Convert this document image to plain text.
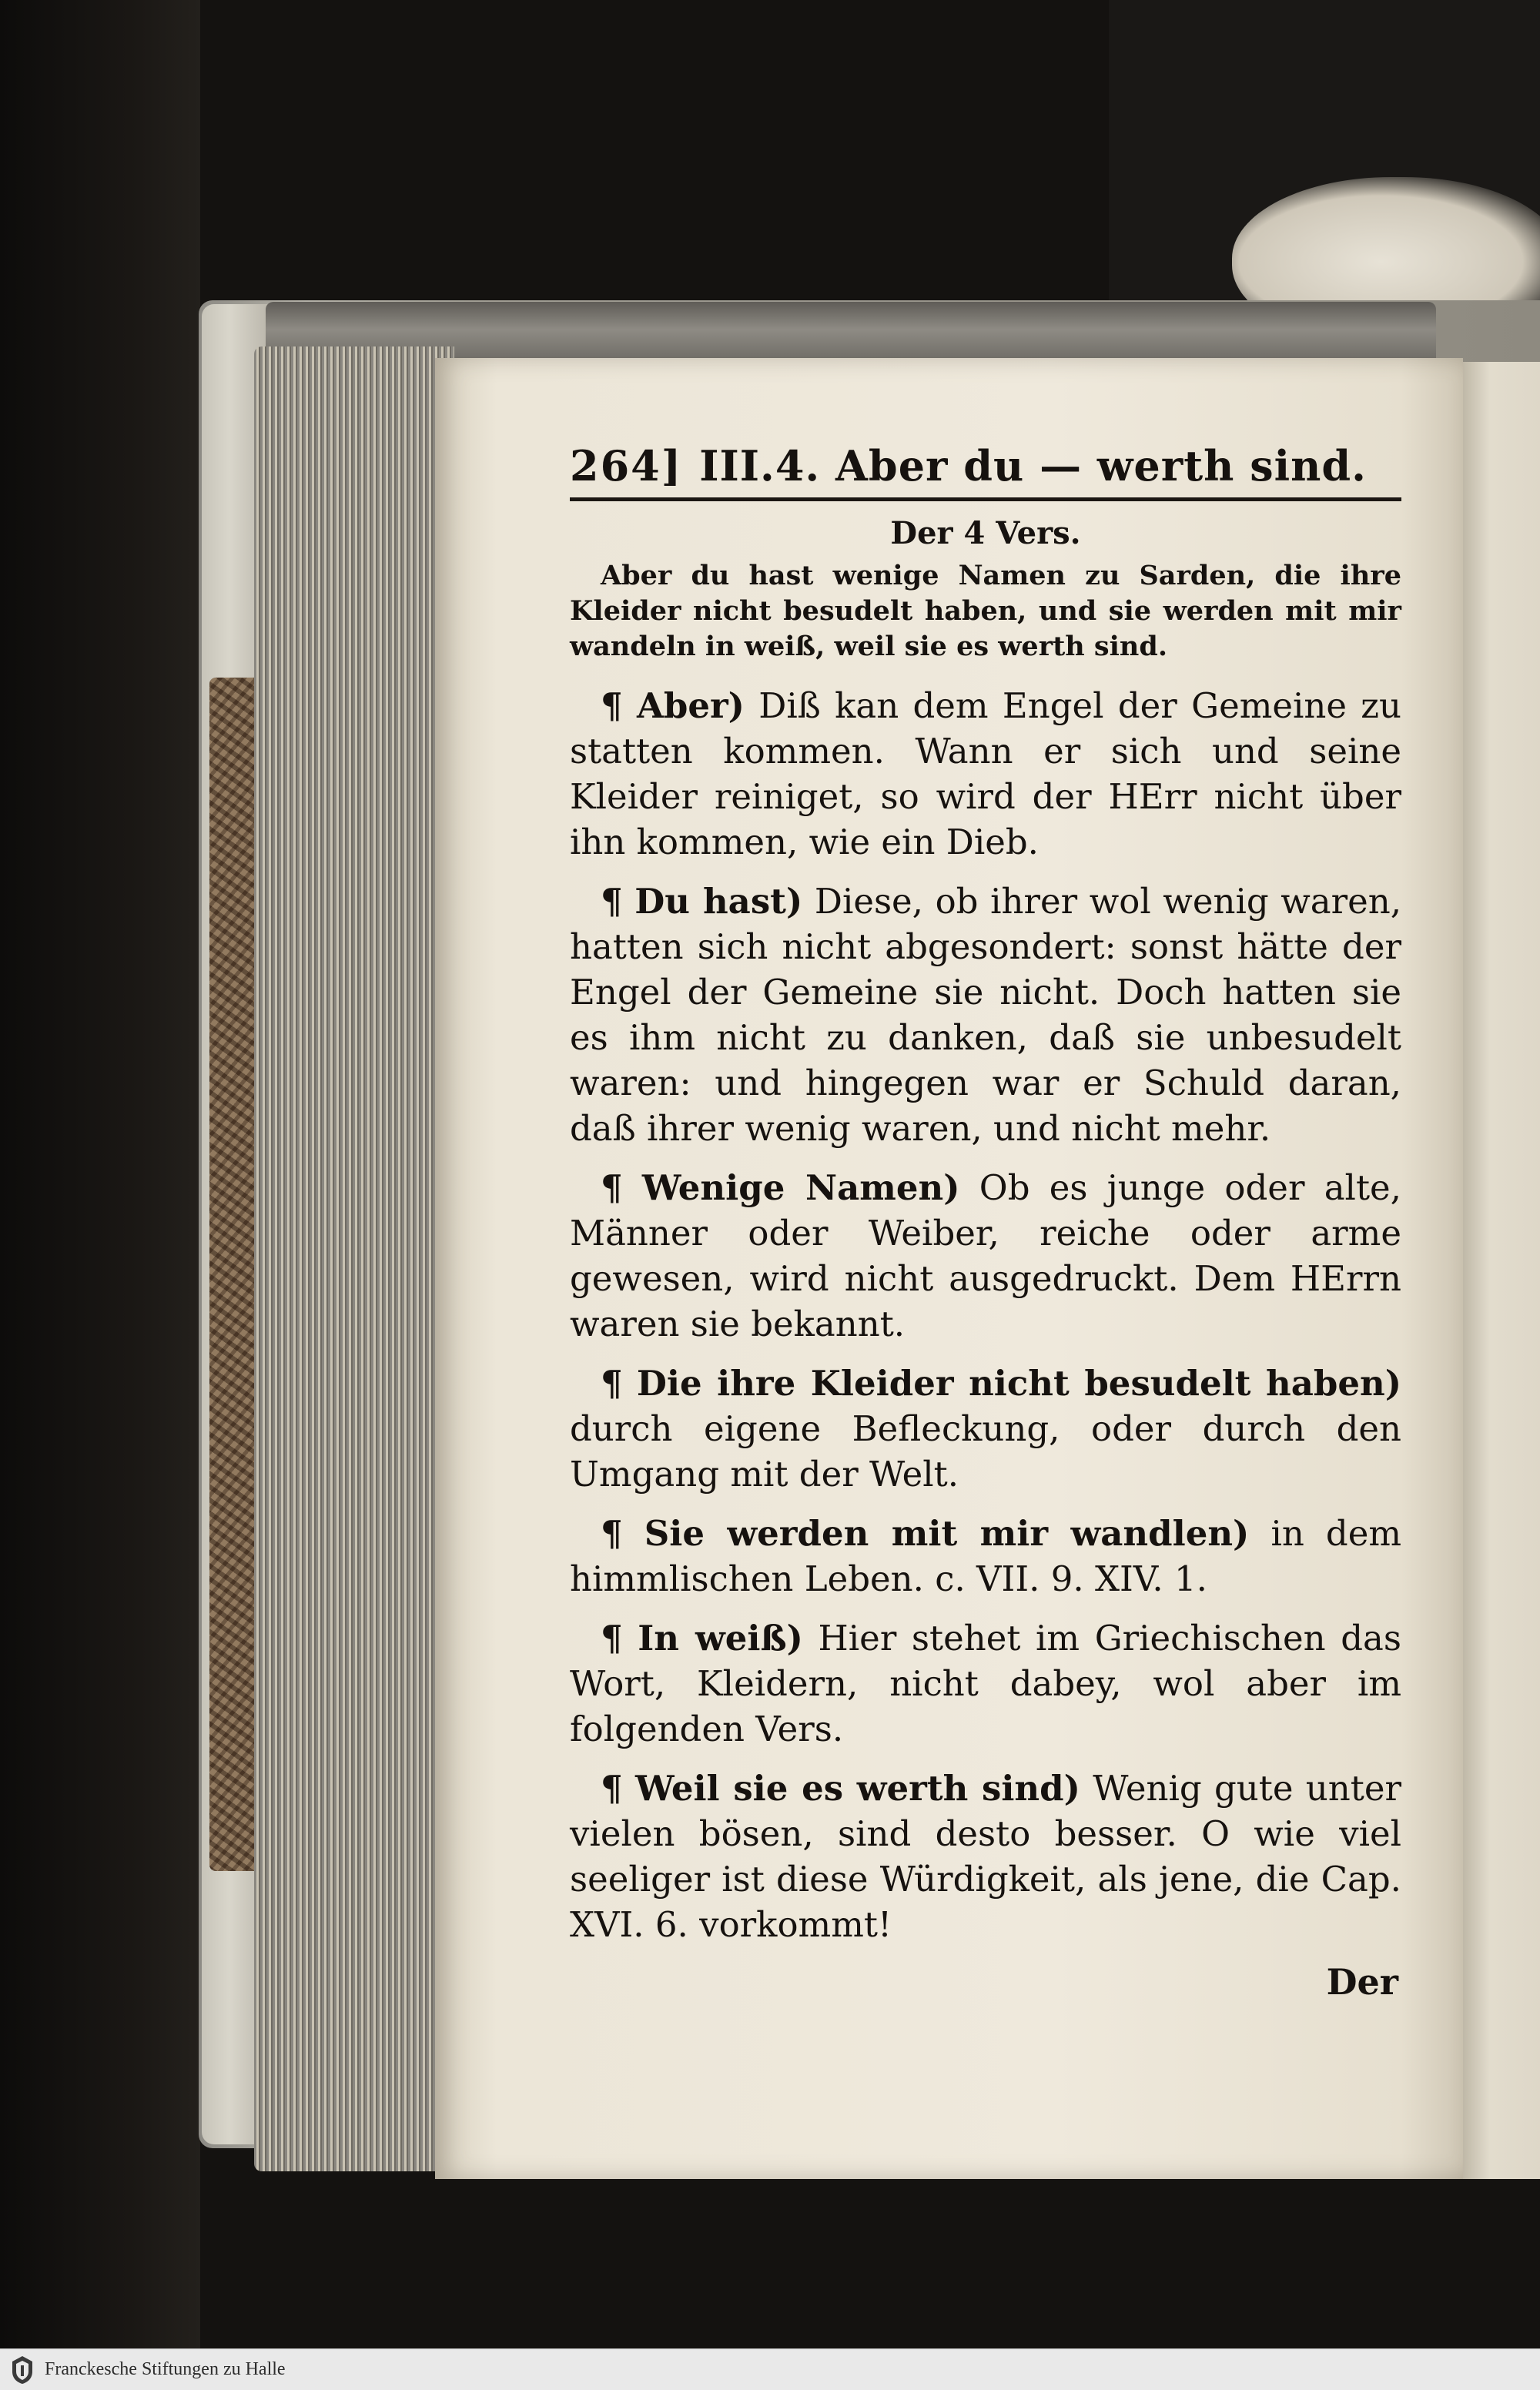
264] III.4. Aber du — werth sind.
Der 4 Vers.
Aber du hast wenige Namen zu Sarden, die ihre Kleider nicht besudelt haben, und sie werden mit mir wandeln in weiß, weil sie es werth sind.

¶ Aber) Diß kan dem Engel der Gemeine zu statten kommen. Wann er sich und seine Kleider reiniget, so wird der HErr nicht über ihn kommen, wie ein Dieb.

¶ Du hast) Diese, ob ihrer wol wenig waren, hatten sich nicht abgesondert: sonst hätte der Engel der Gemeine sie nicht. Doch hatten sie es ihm nicht zu danken, daß sie unbesudelt waren: und hingegen war er Schuld daran, daß ihrer wenig waren, und nicht mehr.

¶ Wenige Namen) Ob es junge oder alte, Männer oder Weiber, reiche oder arme gewesen, wird nicht ausgedruckt. Dem HErrn waren sie bekannt.

¶ Die ihre Kleider nicht besudelt haben) durch eigene Befleckung, oder durch den Umgang mit der Welt.

¶ Sie werden mit mir wandlen) in dem himmlischen Leben. c. VII. 9. XIV. 1.

¶ In weiß) Hier stehet im Griechischen das Wort, Kleidern, nicht dabey, wol aber im folgenden Vers.

¶ Weil sie es werth sind) Wenig gute unter vielen bösen, sind desto besser. O wie viel seeliger ist diese Würdigkeit, als jene, die Cap. XVI. 6. vorkommt!

Der
Franckesche Stiftungen zu Halle
